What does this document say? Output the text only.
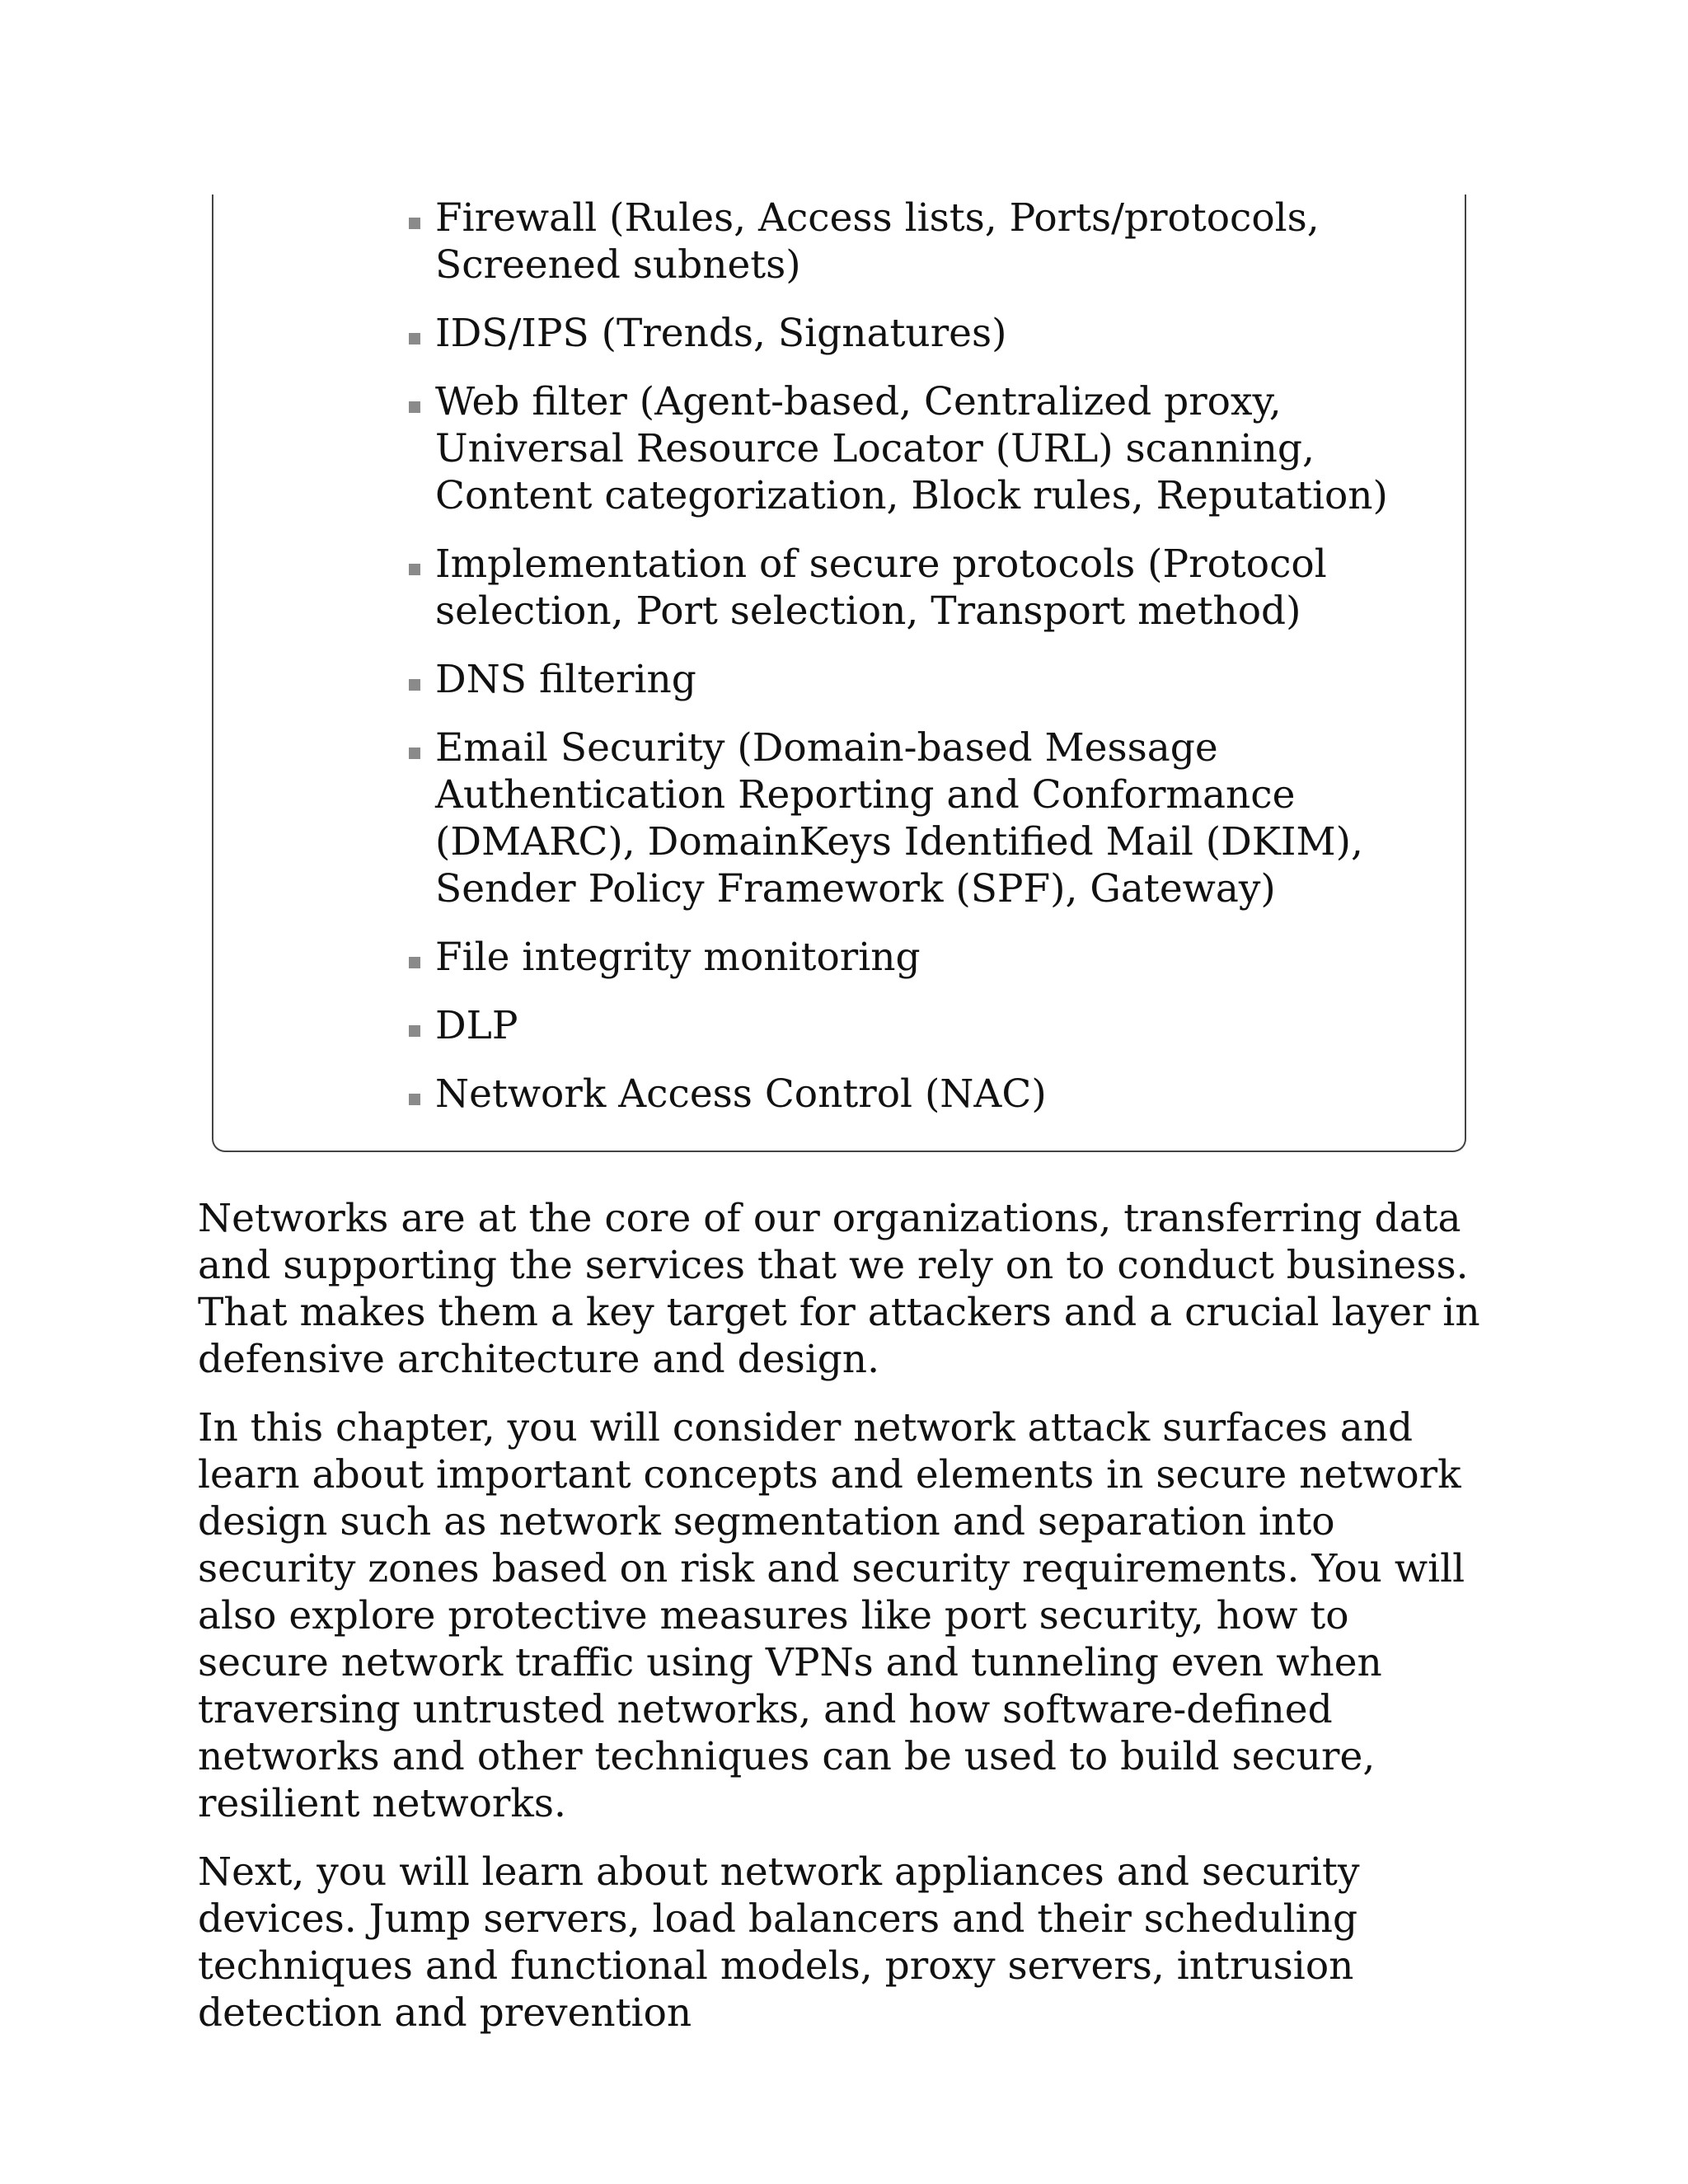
Firewall (Rules, Access lists, Ports/protocols, Screened subnets)
IDS/IPS (Trends, Signatures)
Web filter (Agent-based, Centralized proxy, Universal Resource Locator (URL) scanning, Content categorization, Block rules, Reputation)
Implementation of secure protocols (Protocol selection, Port selection, Transport method)
DNS filtering
Email Security (Domain-based Message Authentication Reporting and Conformance (DMARC), DomainKeys Identified Mail (DKIM), Sender Policy Framework (SPF), Gateway)
File integrity monitoring
DLP
Network Access Control (NAC)

Networks are at the core of our organizations, transferring data and supporting the services that we rely on to conduct business. That makes them a key target for attackers and a crucial layer in defensive architecture and design.

In this chapter, you will consider network attack surfaces and learn about important concepts and elements in secure network design such as network segmentation and separation into security zones based on risk and security requirements. You will also explore protective measures like port security, how to secure network traffic using VPNs and tunneling even when traversing untrusted networks, and how software-defined networks and other techniques can be used to build secure, resilient networks.

Next, you will learn about network appliances and security devices. Jump servers, load balancers and their scheduling techniques and functional models, proxy servers, intrusion detection and prevention
